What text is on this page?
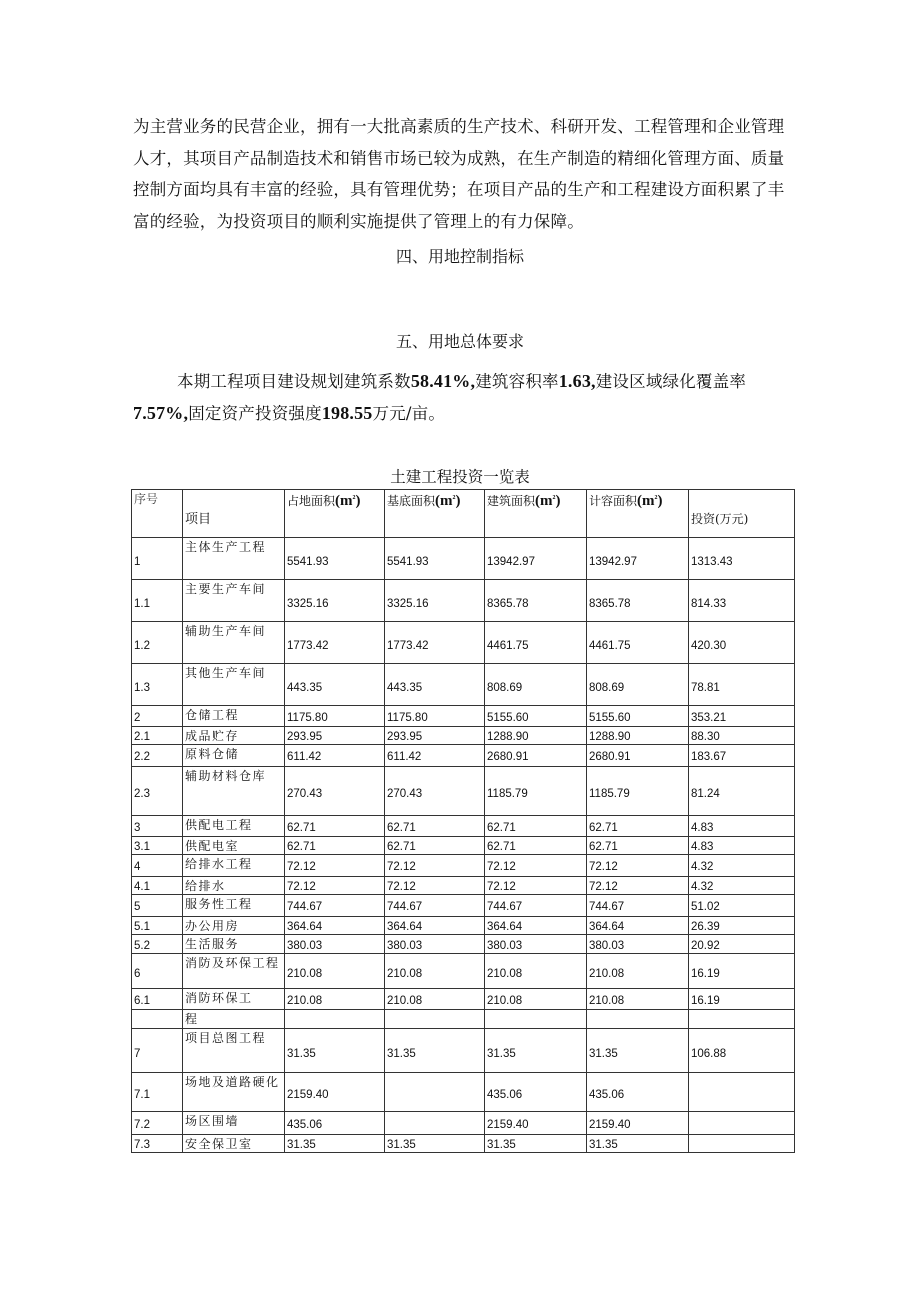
为主营业务的民营企业，拥有一大批高素质的生产技术、科研开发、工程管理和企业管理人才，其项目产品制造技术和销售市场已较为成熟，在生产制造的精细化管理方面、质量控制方面均具有丰富的经验，具有管理优势；在项目产品的生产和工程建设方面积累了丰富的经验，为投资项目的顺利实施提供了管理上的有力保障。

四、用地控制指标

五、用地总体要求

本期工程项目建设规划建筑系数58.41%,建筑容积率1.63,建设区域绿化覆盖率7.57%,固定资产投资强度198.55万元/亩。

土建工程投资一览表

序号	项目	占地面积$(m^2)$	基底面积$(m^2)$	建筑面积$(m^2)$	计容面积$(m^2)$	投资(万元)
1	主体生产工程	5541.93	5541.93	13942.97	13942.97	1313.43
1.1	主要生产车间	3325.16	3325.16	8365.78	8365.78	814.33
1.2	辅助生产车间	1773.42	1773.42	4461.75	4461.75	420.30
1.3	其他生产车间	443.35	443.35	808.69	808.69	78.81
2	仓储工程	1175.80	1175.80	5155.60	5155.60	353.21
2.1	成品贮存	293.95	293.95	1288.90	1288.90	88.30
2.2	原料仓储	611.42	611.42	2680.91	2680.91	183.67
2.3	辅助材料仓库	270.43	270.43	1185.79	1185.79	81.24
3	供配电工程	62.71	62.71	62.71	62.71	4.83
3.1	供配电室	62.71	62.71	62.71	62.71	4.83
4	给排水工程	72.12	72.12	72.12	72.12	4.32
4.1	给排水	72.12	72.12	72.12	72.12	4.32
5	服务性工程	744.67	744.67	744.67	744.67	51.02
5.1	办公用房	364.64	364.64	364.64	364.64	26.39
5.2	生活服务	380.03	380.03	380.03	380.03	20.92
6	消防及环保工程	210.08	210.08	210.08	210.08	16.19
6.1	消防环保工	210.08	210.08	210.08	210.08	16.19
	程					
7	项目总图工程	31.35	31.35	31.35	31.35	106.88
7.1	场地及道路硬化	2159.40		435.06	435.06	
7.2	场区围墙	435.06		2159.40	2159.40	
7.3	安全保卫室	31.35	31.35	31.35	31.35	
